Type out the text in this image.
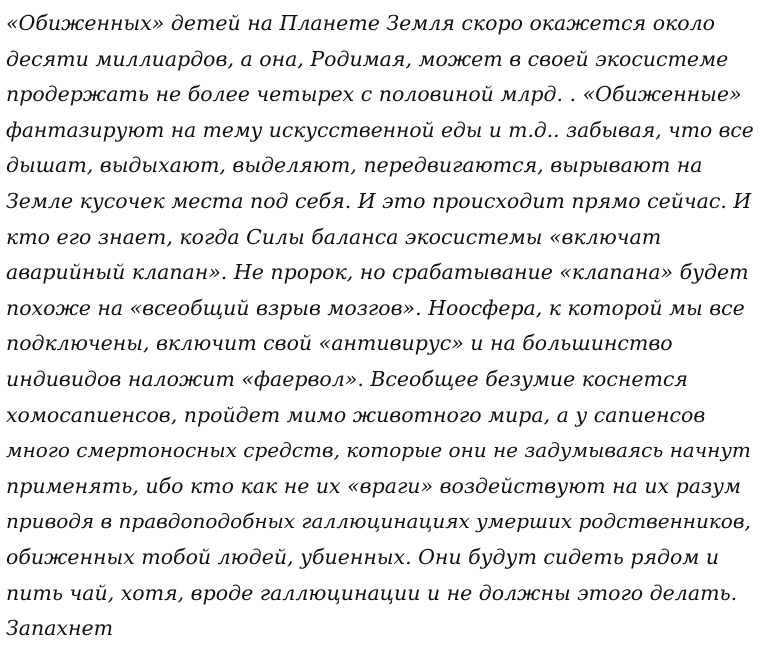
«Обиженных» детей на Планете Земля скоро окажется около
десяти миллиардов, а она, Родимая, может в своей экосистеме
продержать не более четырех с половиной млрд. . «Обиженные»
фантазируют на тему искусственной еды и т.д.. забывая, что все
дышат, выдыхают, выделяют, передвигаются, вырывают на
Земле кусочек места под себя. И это происходит прямо сейчас. И
кто его знает, когда Силы баланса экосистемы «включат
аварийный клапан». Не пророк, но срабатывание «клапана» будет
похоже на «всеобщий взрыв мозгов». Ноосфера, к которой мы все
подключены, включит свой «антивирус» и на большинство
индивидов наложит «фаервол». Всеобщее безумие коснется
хомосапиенсов, пройдет мимо животного мира, а у сапиенсов
много смертоносных средств, которые они не задумываясь начнут
применять, ибо кто как не их «враги» воздействуют на их разум
приводя в правдоподобных галлюцинациях умерших родственников,
обиженных тобой людей, убиенных. Они будут сидеть рядом и
пить чай, хотя, вроде галлюцинации и не должны этого делать.
Запахнет
